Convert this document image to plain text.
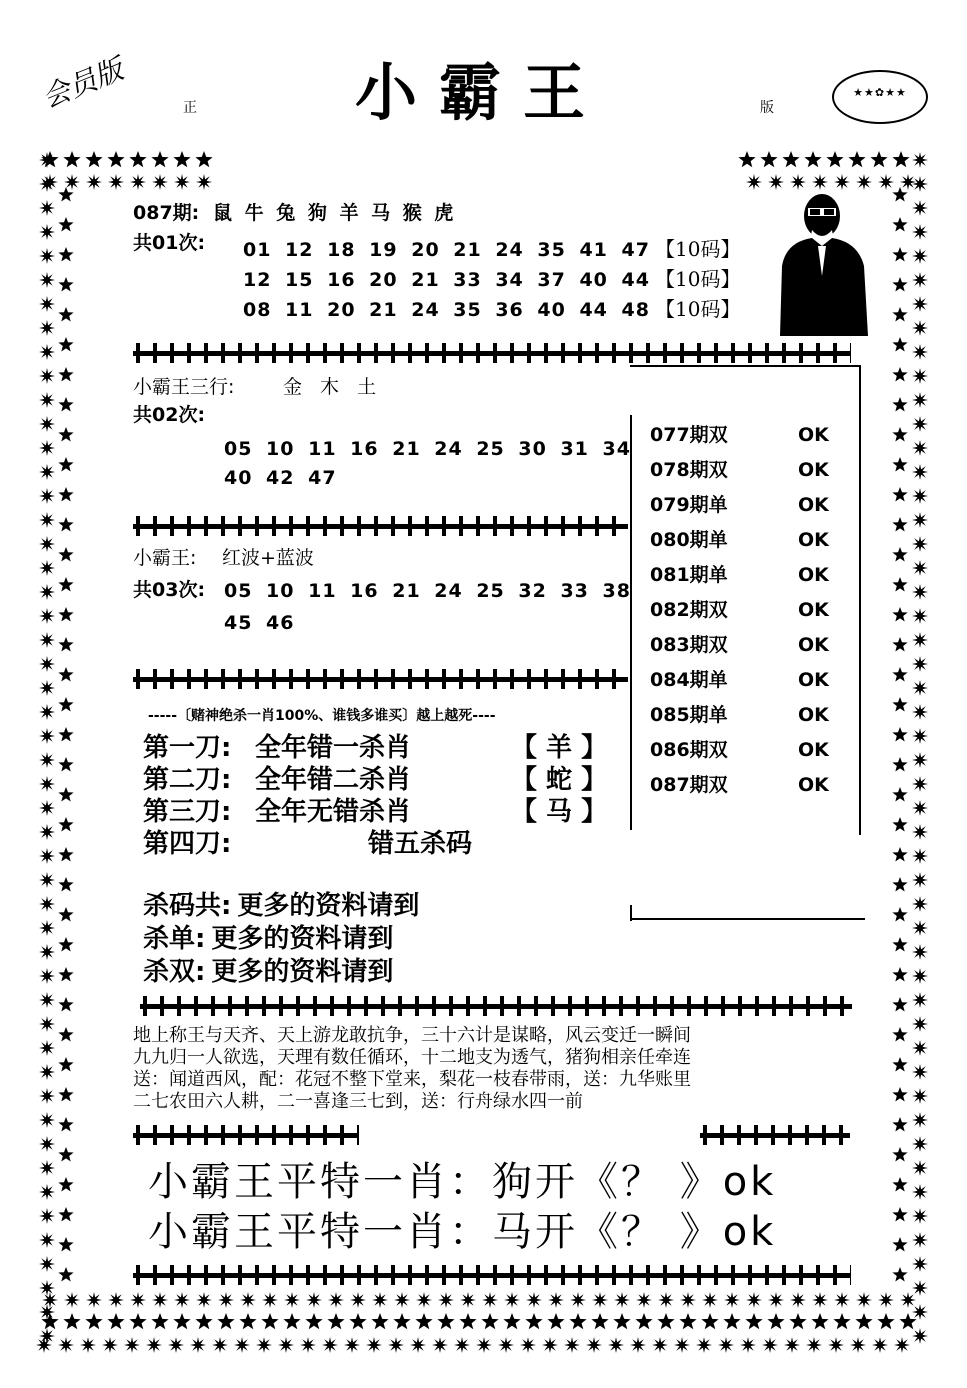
会员版	正	小霸王	版
★★✿★★
087期: 鼠 牛 兔 狗 羊 马 猴 虎
共01次: 01 12 18 19 20 21 24 35 41 47 【10码】
12 15 16 20 21 33 34 37 40 44 【10码】
08 11 20 21 24 35 36 40 44 48 【10码】
小霸王三行:	金 木 土
共02次:
05 10 11 16 21 24 25 30 31 34
40 42 47
小霸王: 红波+蓝波
共03次: 05 10 11 16 21 24 25 32 33 38
45 46
-----〔赌神绝杀一肖100%、谁钱多谁买〕越上越死----
第一刀: 全年错一杀肖	【 羊 】
第二刀: 全年错二杀肖	【 蛇 】
第三刀: 全年无错杀肖	【 马 】
第四刀:	错五杀码
杀码共: 更多的资料请到
杀单: 更多的资料请到
杀双: 更多的资料请到
077期双	OK
078期双	OK
079期单	OK
080期单	OK
081期单	OK
082期双	OK
083期双	OK
084期单	OK
085期单	OK
086期双	OK
087期双	OK
地上称王与天齐、天上游龙敢抗争，三十六计是谋略，风云变迁一瞬间
九九归一人欲选，天理有数任循环，十二地支为透气，猪狗相亲任牵连
送：闻道西风，配：花冠不整下堂来，梨花一枝春带雨，送：九华账里
二七农田六人耕，二一喜逢三七到，送：行舟绿水四一前
小霸王平特一肖：狗开《？ 》ok
小霸王平特一肖：马开《？ 》ok
